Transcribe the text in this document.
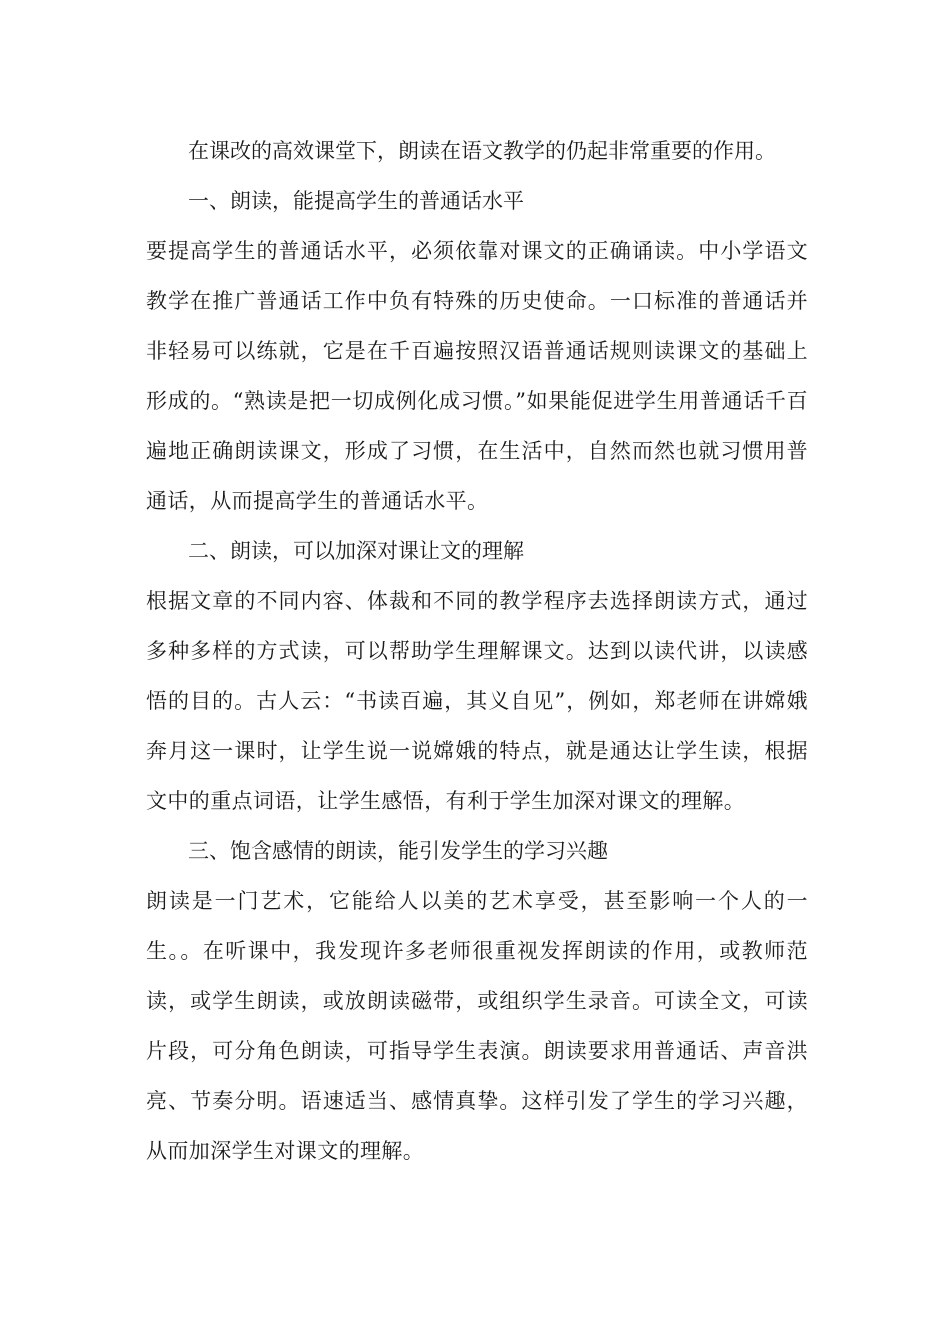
在课改的高效课堂下，朗读在语文教学的仍起非常重要的作用。

一、朗读，能提高学生的普通话水平

要提高学生的普通话水平，必须依靠对课文的正确诵读。中小学语文教学在推广普通话工作中负有特殊的历史使命。一口标准的普通话并非轻易可以练就，它是在千百遍按照汉语普通话规则读课文的基础上形成的。“熟读是把一切成例化成习惯。”如果能促进学生用普通话千百遍地正确朗读课文，形成了习惯，在生活中，自然而然也就习惯用普通话，从而提高学生的普通话水平。

二、朗读，可以加深对课让文的理解

根据文章的不同内容、体裁和不同的教学程序去选择朗读方式，通过多种多样的方式读，可以帮助学生理解课文。达到以读代讲，以读感悟的目的。古人云：“书读百遍，其义自见”，例如，郑老师在讲嫦娥奔月这一课时，让学生说一说嫦娥的特点，就是通达让学生读，根据文中的重点词语，让学生感悟，有利于学生加深对课文的理解。

三、饱含感情的朗读，能引发学生的学习兴趣

朗读是一门艺术，它能给人以美的艺术享受，甚至影响一个人的一生。。在听课中，我发现许多老师很重视发挥朗读的作用，或教师范读，或学生朗读，或放朗读磁带，或组织学生录音。可读全文，可读片段，可分角色朗读，可指导学生表演。朗读要求用普通话、声音洪亮、节奏分明。语速适当、感情真挚。这样引发了学生的学习兴趣，从而加深学生对课文的理解。
